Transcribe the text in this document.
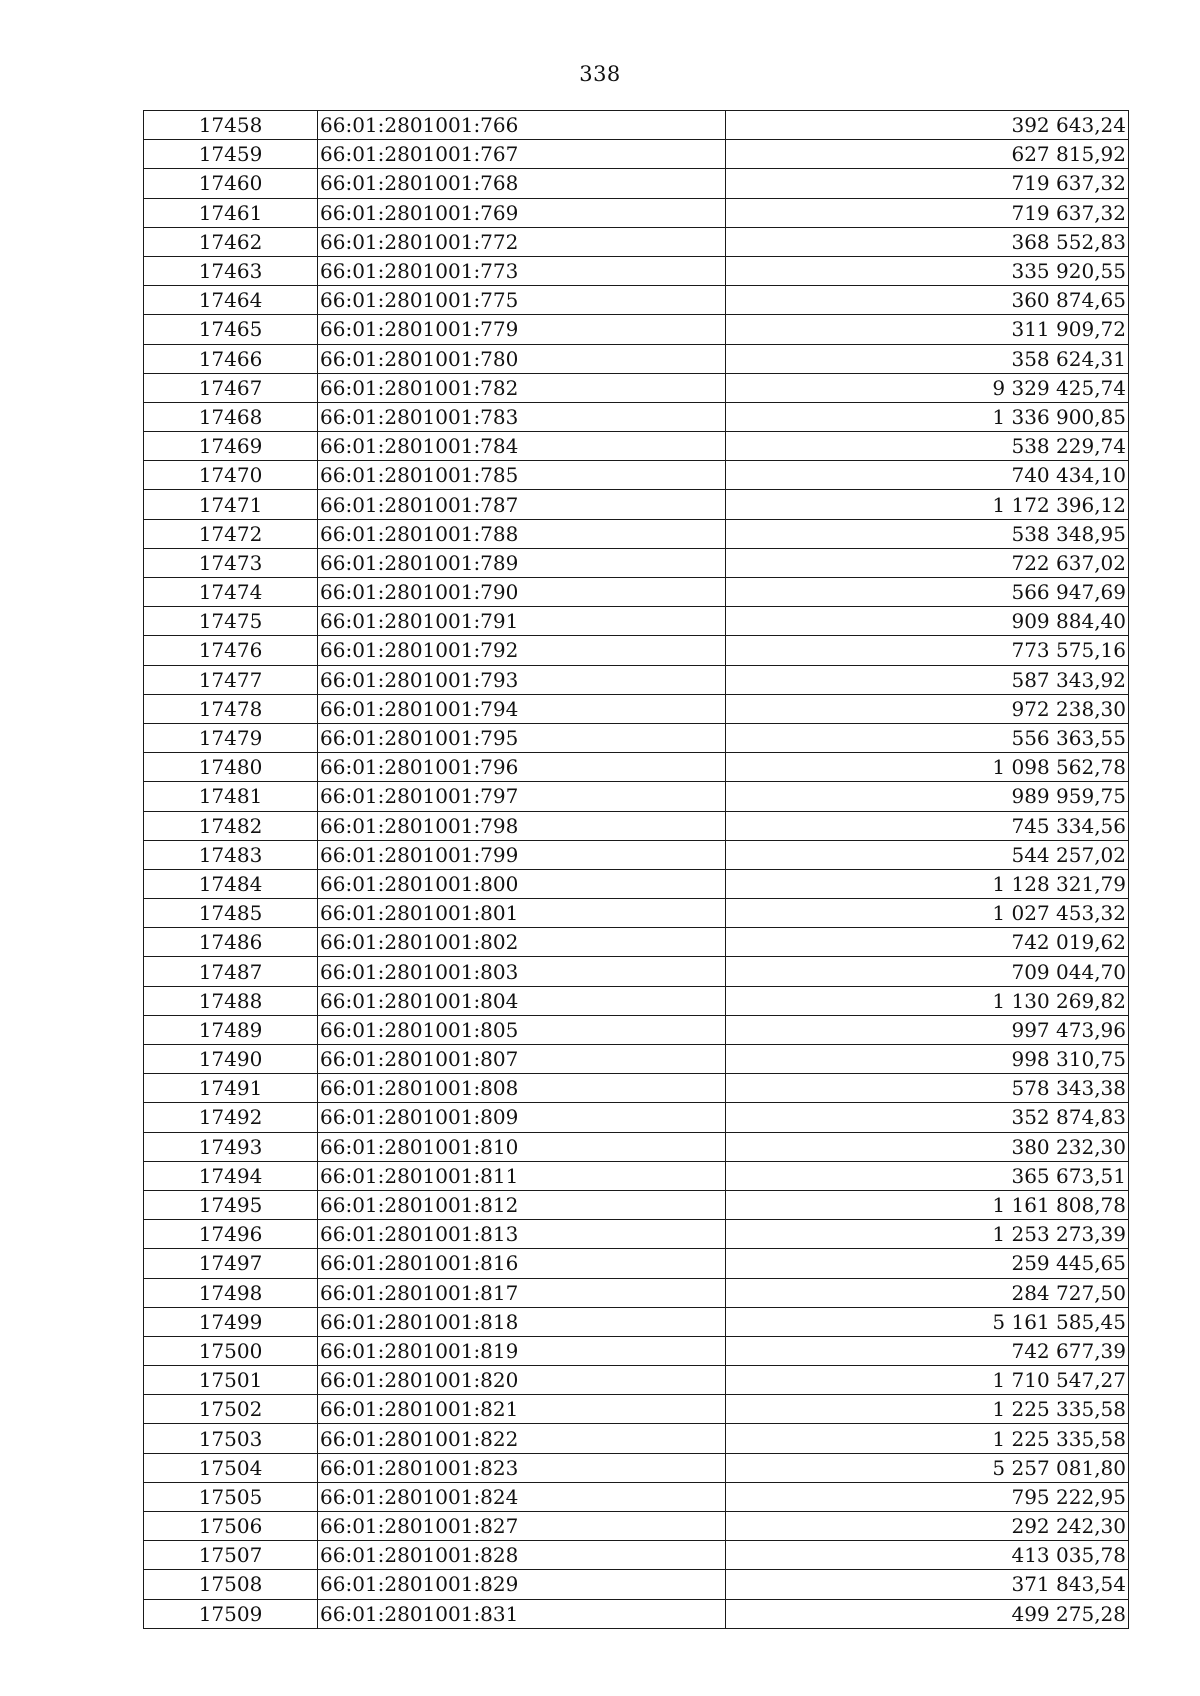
338
17458	66:01:2801001:766	392 643,24
17459	66:01:2801001:767	627 815,92
17460	66:01:2801001:768	719 637,32
17461	66:01:2801001:769	719 637,32
17462	66:01:2801001:772	368 552,83
17463	66:01:2801001:773	335 920,55
17464	66:01:2801001:775	360 874,65
17465	66:01:2801001:779	311 909,72
17466	66:01:2801001:780	358 624,31
17467	66:01:2801001:782	9 329 425,74
17468	66:01:2801001:783	1 336 900,85
17469	66:01:2801001:784	538 229,74
17470	66:01:2801001:785	740 434,10
17471	66:01:2801001:787	1 172 396,12
17472	66:01:2801001:788	538 348,95
17473	66:01:2801001:789	722 637,02
17474	66:01:2801001:790	566 947,69
17475	66:01:2801001:791	909 884,40
17476	66:01:2801001:792	773 575,16
17477	66:01:2801001:793	587 343,92
17478	66:01:2801001:794	972 238,30
17479	66:01:2801001:795	556 363,55
17480	66:01:2801001:796	1 098 562,78
17481	66:01:2801001:797	989 959,75
17482	66:01:2801001:798	745 334,56
17483	66:01:2801001:799	544 257,02
17484	66:01:2801001:800	1 128 321,79
17485	66:01:2801001:801	1 027 453,32
17486	66:01:2801001:802	742 019,62
17487	66:01:2801001:803	709 044,70
17488	66:01:2801001:804	1 130 269,82
17489	66:01:2801001:805	997 473,96
17490	66:01:2801001:807	998 310,75
17491	66:01:2801001:808	578 343,38
17492	66:01:2801001:809	352 874,83
17493	66:01:2801001:810	380 232,30
17494	66:01:2801001:811	365 673,51
17495	66:01:2801001:812	1 161 808,78
17496	66:01:2801001:813	1 253 273,39
17497	66:01:2801001:816	259 445,65
17498	66:01:2801001:817	284 727,50
17499	66:01:2801001:818	5 161 585,45
17500	66:01:2801001:819	742 677,39
17501	66:01:2801001:820	1 710 547,27
17502	66:01:2801001:821	1 225 335,58
17503	66:01:2801001:822	1 225 335,58
17504	66:01:2801001:823	5 257 081,80
17505	66:01:2801001:824	795 222,95
17506	66:01:2801001:827	292 242,30
17507	66:01:2801001:828	413 035,78
17508	66:01:2801001:829	371 843,54
17509	66:01:2801001:831	499 275,28
